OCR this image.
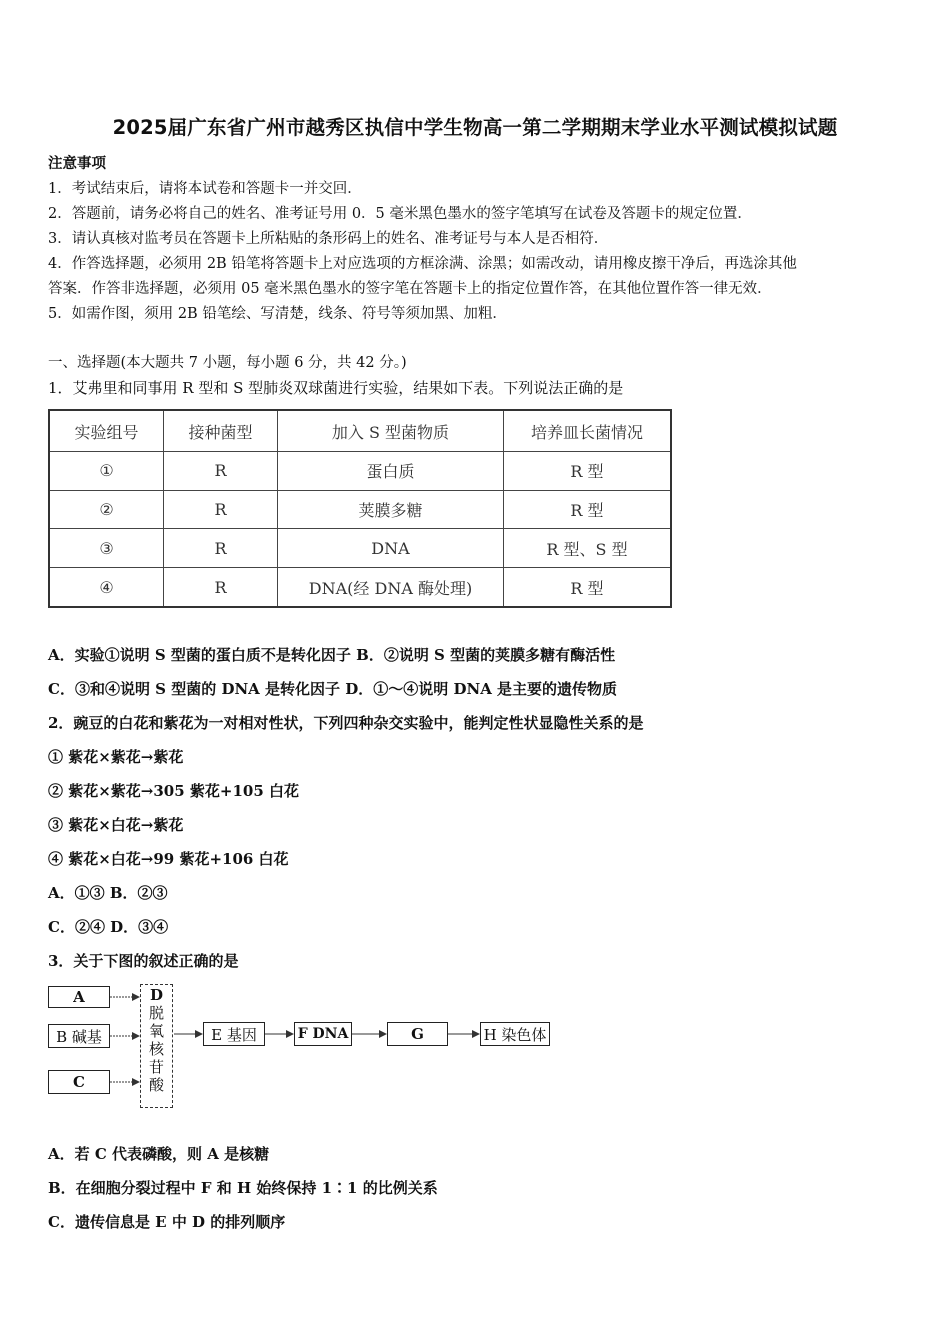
2025届广东省广州市越秀区执信中学生物高一第二学期期末学业水平测试模拟试题
注意事项
1．考试结束后，请将本试卷和答题卡一并交回．
2．答题前，请务必将自己的姓名、准考证号用 0．5 毫米黑色墨水的签字笔填写在试卷及答题卡的规定位置．
3．请认真核对监考员在答题卡上所粘贴的条形码上的姓名、准考证号与本人是否相符．
4．作答选择题，必须用 2B 铅笔将答题卡上对应选项的方框涂满、涂黑；如需改动，请用橡皮擦干净后，再选涂其他
答案．作答非选择题，必须用 05 毫米黑色墨水的签字笔在答题卡上的指定位置作答，在其他位置作答一律无效．
5．如需作图，须用 2B 铅笔绘、写清楚，线条、符号等须加黑、加粗．
一、选择题(本大题共 7 小题，每小题 6 分，共 42 分。)
1．艾弗里和同事用 R 型和 S 型肺炎双球菌进行实验，结果如下表。下列说法正确的是
实验组号	接种菌型	加入 S 型菌物质	培养皿长菌情况
①	R	蛋白质	R 型
②	R	荚膜多糖	R 型
③	R	DNA	R 型、S 型
④	R	DNA(经 DNA 酶处理)	R 型
A．实验①说明 S 型菌的蛋白质不是转化因子 B．②说明 S 型菌的荚膜多糖有酶活性
C．③和④说明 S 型菌的 DNA 是转化因子 D．①～④说明 DNA 是主要的遗传物质
2．豌豆的白花和紫花为一对相对性状，下列四种杂交实验中，能判定性状显隐性关系的是
① 紫花×紫花→紫花
② 紫花×紫花→305 紫花+105 白花
③ 紫花×白花→紫花
④ 紫花×白花→99 紫花+106 白花
A．①③ B．②③
C．②④ D．③④
3．关于下图的叙述正确的是
A
B 碱基
C
D
脱
氧
核
苷
酸
E 基因	F DNA	G	H 染色体
A．若 C 代表磷酸，则 A 是核糖
B．在细胞分裂过程中 F 和 H 始终保持 1∶1 的比例关系
C．遗传信息是 E 中 D 的排列顺序
